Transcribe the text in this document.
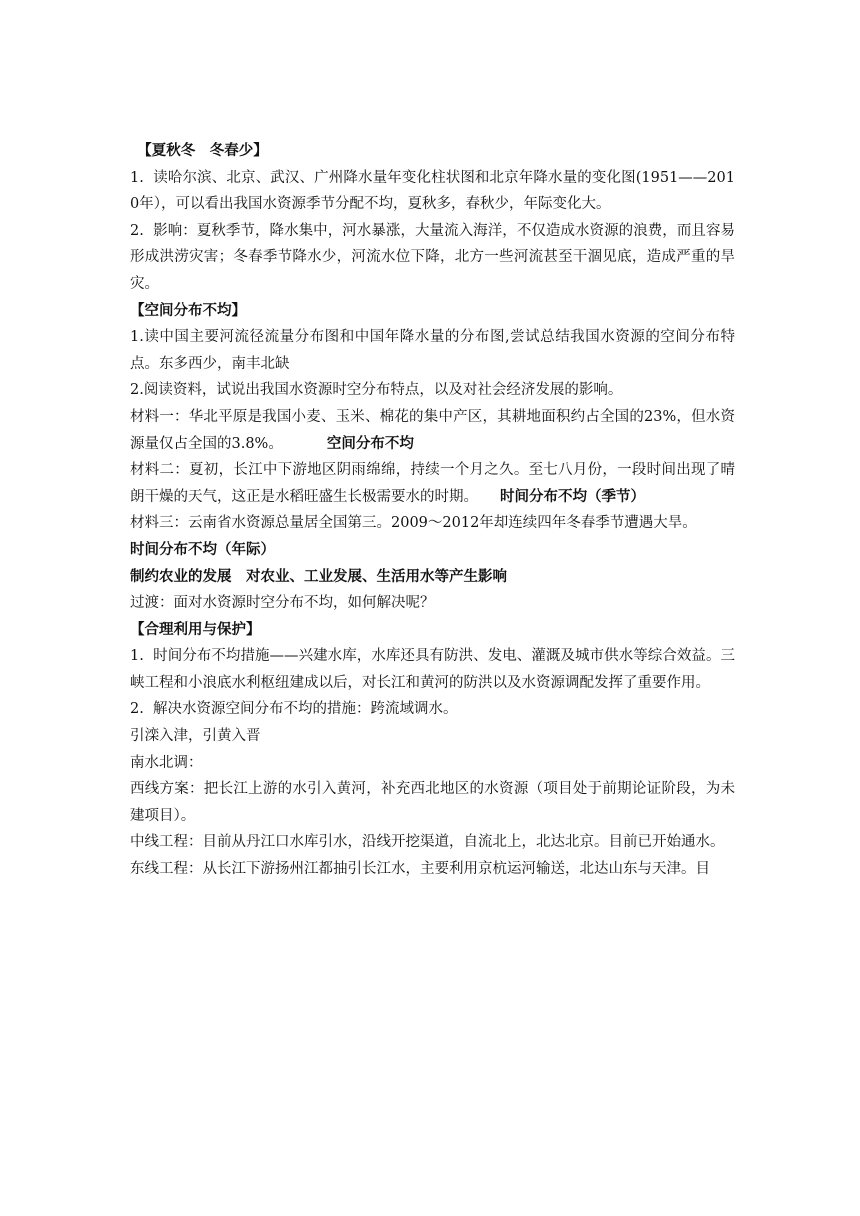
　【夏秋冬　冬春少】

1.  读哈尔滨、北京、武汉、广州降水量年变化柱状图和北京年降水量的变化图(1951——2010年），可以看出我国水资源季节分配不均，夏秋多，春秋少，年际变化大。

2.  影响：夏秋季节，降水集中，河水暴涨，大量流入海洋，不仅造成水资源的浪费，而且容易形成洪涝灾害；冬春季节降水少，河流水位下降，北方一些河流甚至干涸见底，造成严重的旱灾。

【空间分布不均】

1.读中国主要河流径流量分布图和中国年降水量的分布图,尝试总结我国水资源的空间分布特点。东多西少，南丰北缺

2.阅读资料，试说出我国水资源时空分布特点，以及对社会经济发展的影响。

材料一：华北平原是我国小麦、玉米、棉花的集中产区，其耕地面积约占全国的23%，但水资源量仅占全国的3.8%。	空间分布不均

材料二：夏初，长江中下游地区阴雨绵绵，持续一个月之久。至七八月份，一段时间出现了晴朗干燥的天气，这正是水稻旺盛生长极需要水的时期。 时间分布不均（季节）

材料三：云南省水资源总量居全国第三。2009～2012年却连续四年冬春季节遭遇大旱。

时间分布不均（年际）

制约农业的发展　对农业、工业发展、生活用水等产生影响

过渡：面对水资源时空分布不均，如何解决呢？

【合理利用与保护】

1.  时间分布不均措施——兴建水库，水库还具有防洪、发电、灌溉及城市供水等综合效益。三峡工程和小浪底水利枢纽建成以后，对长江和黄河的防洪以及水资源调配发挥了重要作用。

2.  解决水资源空间分布不均的措施：跨流域调水。

引滦入津，引黄入晋

南水北调：

西线方案：把长江上游的水引入黄河，补充西北地区的水资源（项目处于前期论证阶段，为未建项目）。

中线工程：目前从丹江口水库引水，沿线开挖渠道，自流北上，北达北京。目前已开始通水。

东线工程：从长江下游扬州江都抽引长江水，主要利用京杭运河输送，北达山东与天津。目
